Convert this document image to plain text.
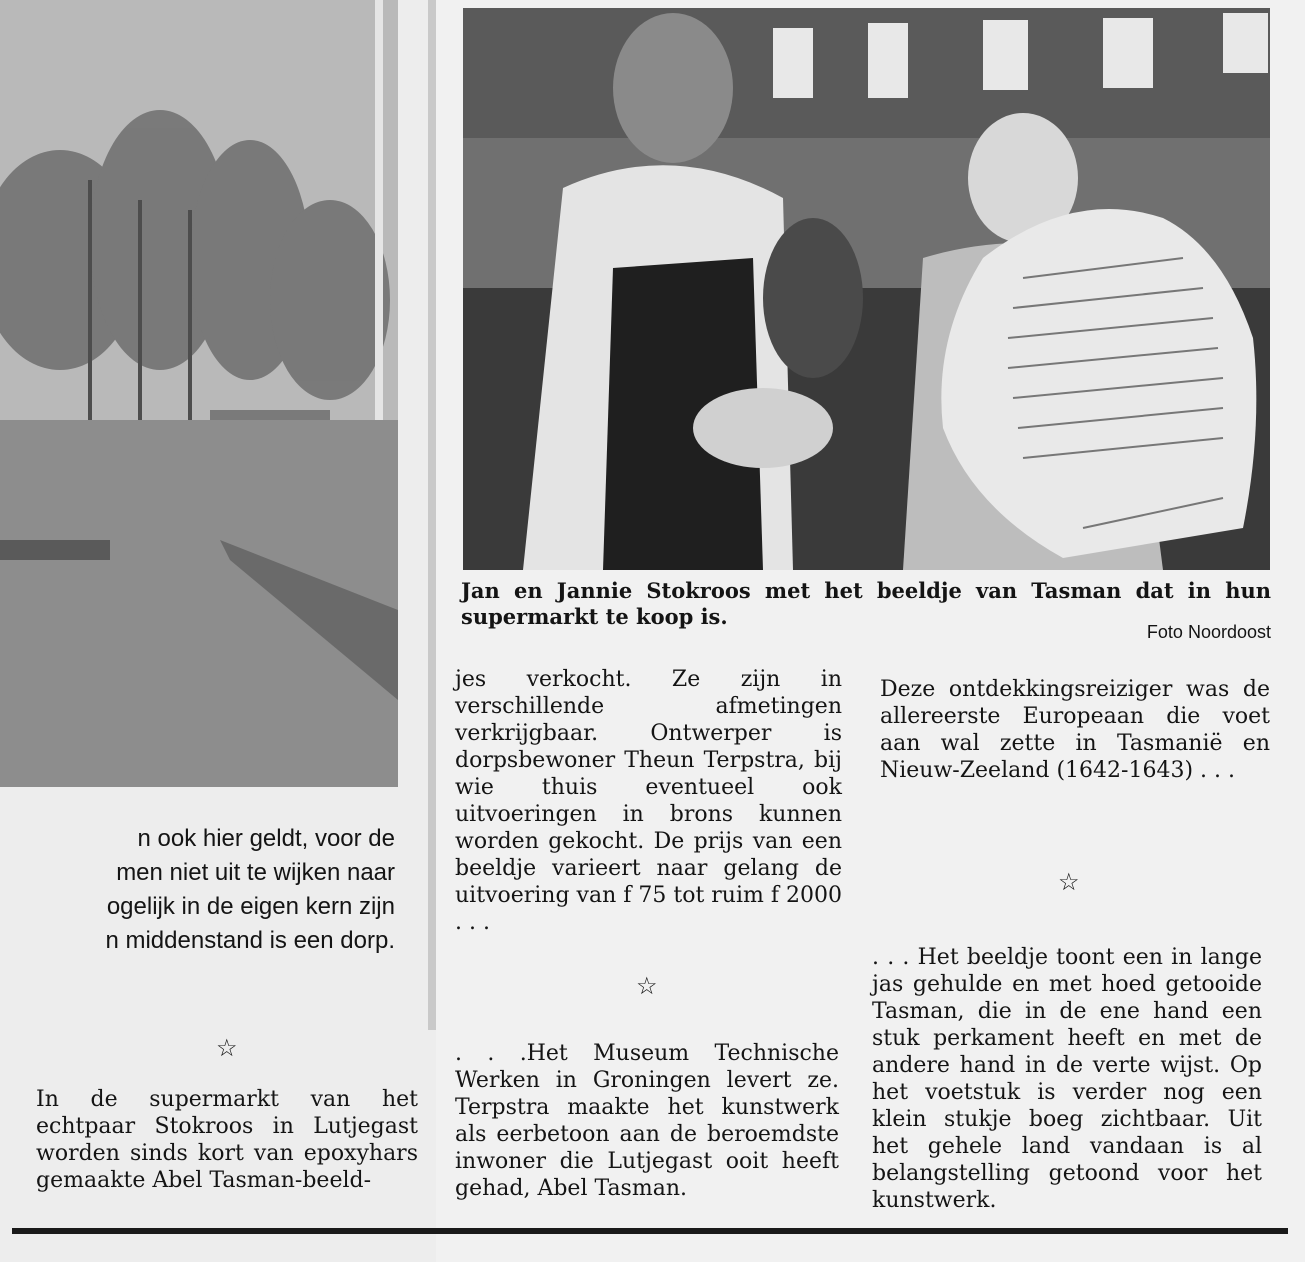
n ook hier geldt, voor de
men niet uit te wijken naar
ogelijk in de eigen kern zijn
n middenstand is een dorp.
Jan en Jannie Stokroos met het beeldje van Tasman dat in hun supermarkt te koop is.
Foto Noordoost
☆
In de supermarkt van het echtpaar Stokroos in Lutjegast worden sinds kort van epoxyhars gemaakte Abel Tasman-beeld-
jes verkocht. Ze zijn in verschillende afmetingen verkrijgbaar. Ontwerper is dorpsbewoner Theun Terpstra, bij wie thuis eventueel ook uitvoeringen in brons kunnen worden gekocht. De prijs van een beeldje varieert naar gelang de uitvoering van f 75 tot ruim f 2000 . . .
☆
. . .Het Museum Technische Werken in Groningen levert ze. Terpstra maakte het kunstwerk als eerbetoon aan de beroemdste inwoner die Lutjegast ooit heeft gehad, Abel Tasman.
Deze ontdekkingsreiziger was de allereerste Europeaan die voet aan wal zette in Tasmanië en Nieuw-Zeeland (1642-1643) . . .
☆
. . . Het beeldje toont een in lange jas gehulde en met hoed getooide Tasman, die in de ene hand een stuk perkament heeft en met de andere hand in de verte wijst. Op het voetstuk is verder nog een klein stukje boeg zichtbaar. Uit het gehele land vandaan is al belangstelling getoond voor het kunstwerk.
